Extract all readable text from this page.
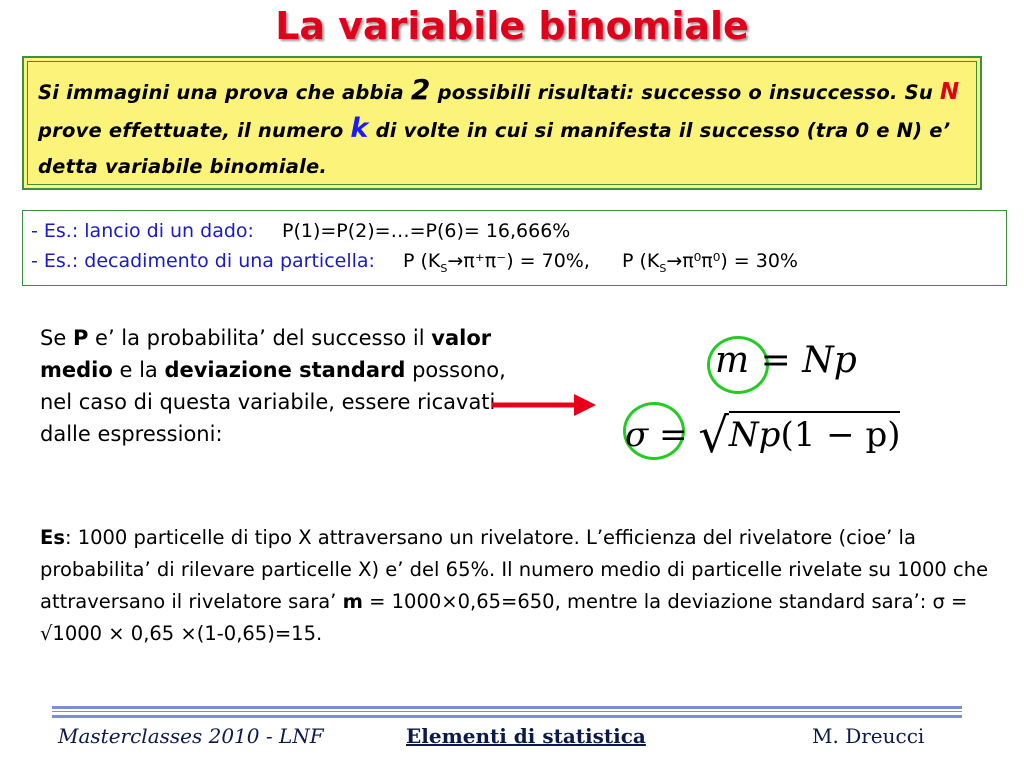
La variabile binomiale
Si immagini una prova che abbia 2 possibili risultati: successo o insuccesso. Su N prove effettuate, il numero k di volte in cui si manifesta il successo (tra 0 e N) e’ detta variabile binomiale.
- Es.: lancio di un dado: P(1)=P(2)=…=P(6)= 16,666%
- Es.: decadimento di una particella: P $(K_S\to\pi^+\pi^-) = 70\%$, P $(K_S\to\pi^0\pi^0) = 30\%$
Se P e’ la probabilita’ del successo il valor medio e la deviazione standard possono, nel caso di questa variabile, essere ricavati dalle espressioni:
m = Np
σ = √Np(1 − p)
Es: 1000 particelle di tipo X attraversano un rivelatore. L’efficienza del rivelatore (cioe’ la probabilita’ di rilevare particelle X) e’ del 65%. Il numero medio di particelle rivelate su 1000 che attraversano il rivelatore sara’ m = 1000×0,65=650, mentre la deviazione standard sara’: σ = √1000 × 0,65 ×(1-0,65)=15.
Masterclasses 2010 - LNF	Elementi di statistica	M. Dreucci
